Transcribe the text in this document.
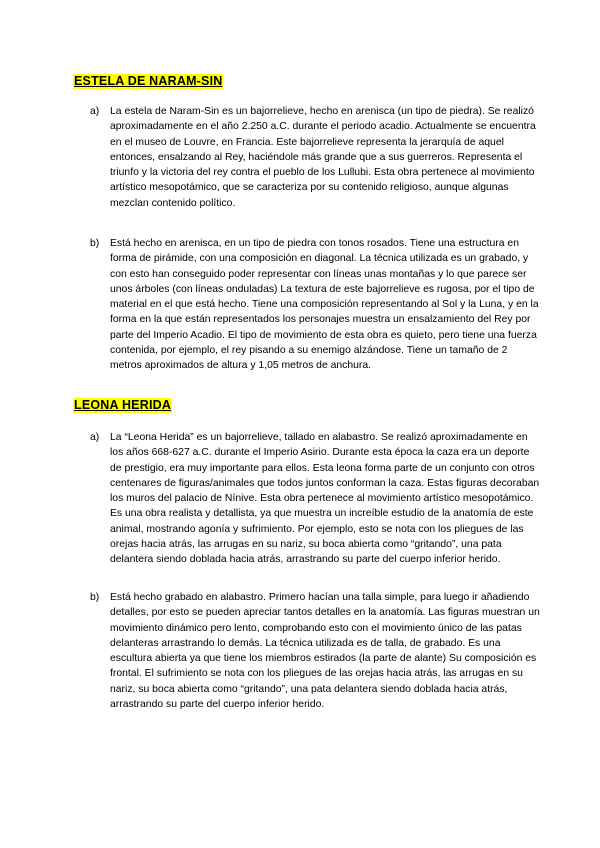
ESTELA DE NARAM-SIN
a) La estela de Naram-Sin es un bajorrelieve, hecho en arenisca (un tipo de piedra). Se realizó aproximadamente en el año 2.250 a.C. durante el periodo acadio. Actualmente se encuentra en el museo de Louvre, en Francia. Este bajorrelieve representa la jerarquía de aquel entonces, ensalzando al Rey, haciéndole más grande que a sus guerreros. Representa el triunfo y la victoria del rey contra el pueblo de los Lullubi. Esta obra pertenece al movimiento artístico mesopotámico, que se caracteriza por su contenido religioso, aunque algunas mezclan contenido político.
b) Está hecho en arenisca, en un tipo de piedra con tonos rosados. Tiene una estructura en forma de pirámide, con una composición en diagonal. La técnica utilizada es un grabado, y con esto han conseguido poder representar con líneas unas montañas y lo que parece ser unos árboles (con líneas onduladas) La textura de este bajorrelieve es rugosa, por el tipo de material en el que está hecho. Tiene una composición representando al Sol y la Luna, y en la forma en la que están representados los personajes muestra un ensalzamiento del Rey por parte del Imperio Acadio. El tipo de movimiento de esta obra es quieto, pero tiene una fuerza contenida, por ejemplo, el rey pisando a su enemigo alzándose. Tiene un tamaño de 2 metros aproximados de altura y 1,05 metros de anchura.
LEONA HERIDA
a) La “Leona Herida” es un bajorrelieve, tallado en alabastro. Se realizó aproximadamente en los años 668-627 a.C. durante el Imperio Asirio. Durante esta época la caza era un deporte de prestigio, era muy importante para ellos. Esta leona forma parte de un conjunto con otros centenares de figuras/animales que todos juntos conforman la caza. Estas figuras decoraban los muros del palacio de Nínive. Esta obra pertenece al movimiento artístico mesopotámico. Es una obra realista y detallista, ya que muestra un increíble estudio de la anatomía de este animal, mostrando agonía y sufrimiento. Por ejemplo, esto se nota con los pliegues de las orejas hacia atrás, las arrugas en su nariz, su boca abierta como “gritando”, una pata delantera siendo doblada hacia atrás, arrastrando su parte del cuerpo inferior herido.
b) Está hecho grabado en alabastro. Primero hacían una talla simple, para luego ir añadiendo detalles, por esto se pueden apreciar tantos detalles en la anatomía. Las figuras muestran un movimiento dinámico pero lento, comprobando esto con el movimiento único de las patas delanteras arrastrando lo demás. La técnica utilizada es de talla, de grabado. Es una escultura abierta ya que tiene los miembros estirados (la parte de alante) Su composición es frontal. El sufrimiento se nota con los pliegues de las orejas hacia atrás, las arrugas en su nariz, su boca abierta como “gritando”, una pata delantera siendo doblada hacia atrás, arrastrando su parte del cuerpo inferior herido.
